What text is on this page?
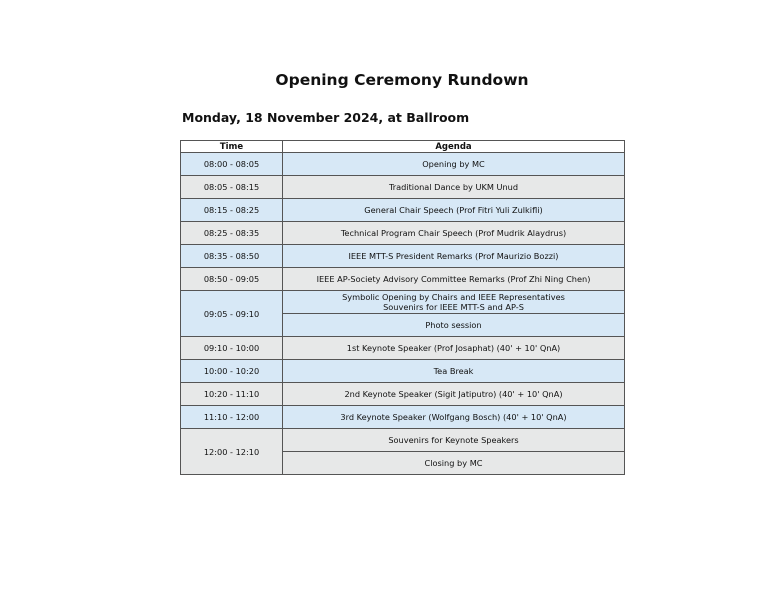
Opening Ceremony Rundown
Monday, 18 November 2024, at Ballroom
Time	Agenda
08:00 - 08:05	Opening by MC
08:05 - 08:15	Traditional Dance by UKM Unud
08:15 - 08:25	General Chair Speech (Prof Fitri Yuli Zulkifli)
08:25 - 08:35	Technical Program Chair Speech (Prof Mudrik Alaydrus)
08:35 - 08:50	IEEE MTT-S President Remarks (Prof Maurizio Bozzi)
08:50 - 09:05	IEEE AP-Society Advisory Committee Remarks (Prof Zhi Ning Chen)
09:05 - 09:10	Symbolic Opening by Chairs and IEEE Representatives
Souvenirs for IEEE MTT-S and AP-S
	Photo session
09:10 - 10:00	1st Keynote Speaker (Prof Josaphat) (40' + 10' QnA)
10:00 - 10:20	Tea Break
10:20 - 11:10	2nd Keynote Speaker (Sigit Jatiputro) (40' + 10' QnA)
11:10 - 12:00	3rd Keynote Speaker (Wolfgang Bosch) (40' + 10' QnA)
12:00 - 12:10	Souvenirs for Keynote Speakers
	Closing by MC
